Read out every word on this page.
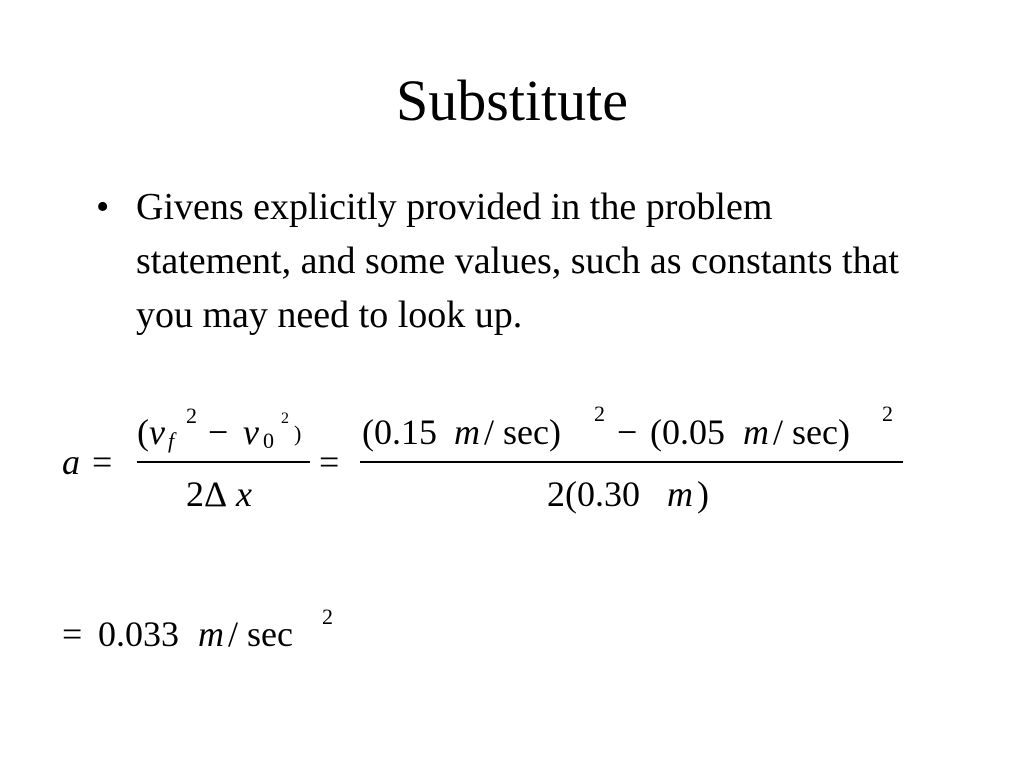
Substitute
• Givens explicitly provided in the problem statement, and some values, such as constants that you may need to look up.
a =
( v f
2 − v 0
2
)
2Δ x
=
(0.15 m / sec) 2 − (0.05 m / sec) 2
2(0.30 m )
= 0.033 m / sec 2
